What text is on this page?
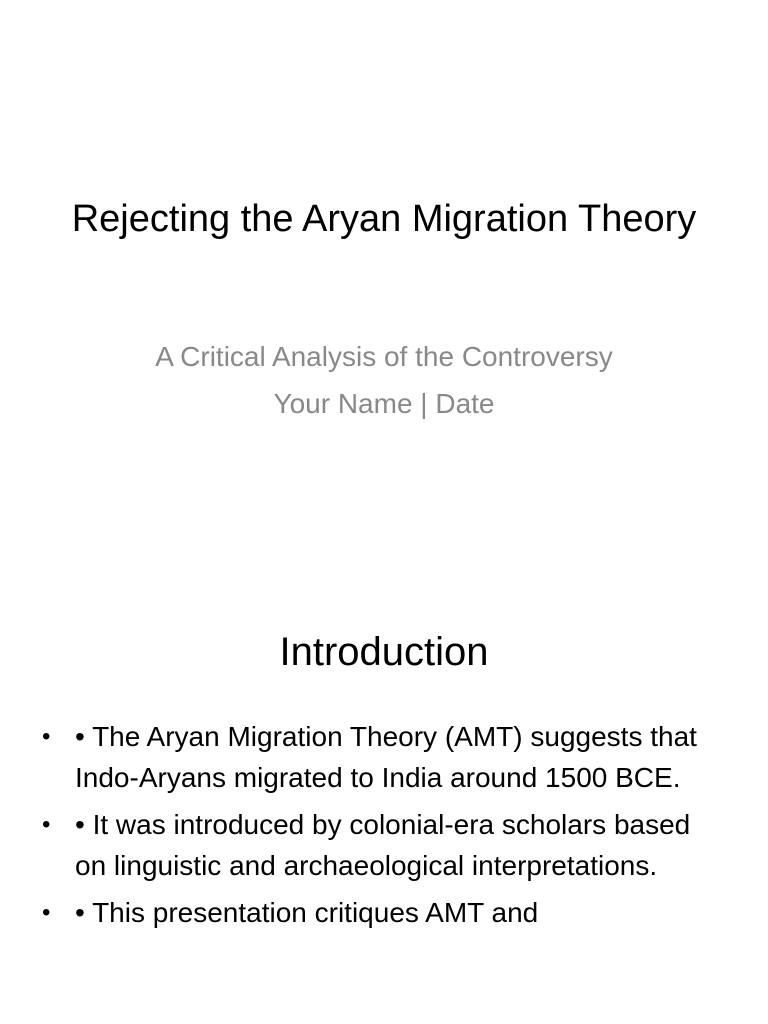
Rejecting the Aryan Migration Theory
A Critical Analysis of the Controversy
Your Name | Date
Introduction
• • The Aryan Migration Theory (AMT) suggests that Indo-Aryans migrated to India around 1500 BCE.
• • It was introduced by colonial-era scholars based on linguistic and archaeological interpretations.
• • This presentation critiques AMT and
